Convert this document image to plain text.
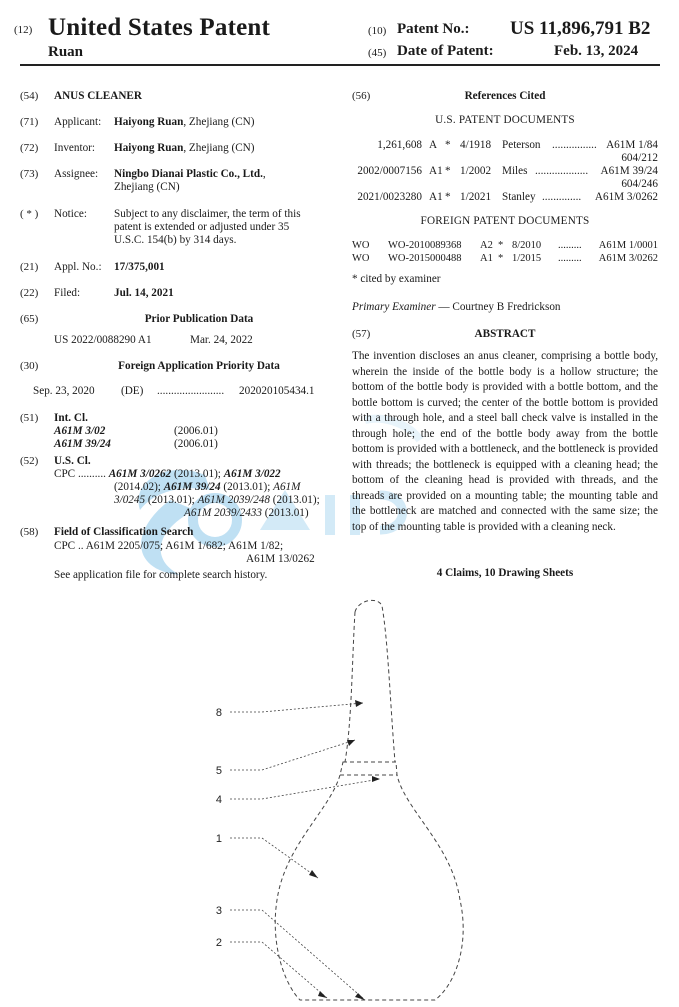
(12) United States Patent
Ruan
(10) Patent No.: US 11,896,791 B2
(45) Date of Patent:	Feb. 13, 2024
(54) ANUS CLEANER
(71) Applicant: Haiyong Ruan, Zhejiang (CN)
(72) Inventor: Haiyong Ruan, Zhejiang (CN)
(73) Assignee: Ningbo Dianai Plastic Co., Ltd.,
Zhejiang (CN)
( * ) Notice: Subject to any disclaimer, the term of this
patent is extended or adjusted under 35
U.S.C. 154(b) by 314 days.
(21) Appl. No.: 17/375,001
(22) Filed:	Jul. 14, 2021
(65)	Prior Publication Data
US 2022/0088290 A1	Mar. 24, 2022
(30)	Foreign Application Priority Data
Sep. 23, 2020 (DE) ........................ 202020105434.1
(51) Int. Cl.
A61M 3/02	(2006.01)
A61M 39/24	(2006.01)
(52) U.S. Cl.
CPC .......... A61M 3/0262 (2013.01); A61M 3/022
(2014.02); A61M 39/24 (2013.01); A61M
3/0245 (2013.01); A61M 2039/248 (2013.01);
A61M 2039/2433 (2013.01)
(58) Field of Classification Search
CPC .. A61M 2205/075; A61M 1/682; A61M 1/82;
A61M 13/0262
See application file for complete search history.
(56)	References Cited
U.S. PATENT DOCUMENTS
1,261,608 A * 4/1918 Peterson ................ A61M 1/84
604/212
2002/0007156 A1 * 1/2002 Miles ................... A61M 39/24
604/246
2021/0023280 A1 * 1/2021 Stanley .............. A61M 3/0262
FOREIGN PATENT DOCUMENTS
WO WO-2010089368 A2 * 8/2010 ......... A61M 1/0001
WO WO-2015000488 A1 * 1/2015 ......... A61M 3/0262
* cited by examiner
Primary Examiner — Courtney B Fredrickson
(57)	ABSTRACT
The invention discloses an anus cleaner, comprising a bottle body, wherein the inside of the bottle body is a hollow structure; the bottom of the bottle body is provided with a bottle bottom, and the bottle bottom is curved; the center of the bottle bottom is provided with a through hole, and a steel ball check valve is installed in the through hole; the end of the bottle body away from the bottle bottom is provided with a bottleneck, and the bottleneck is provided with threads; the bottleneck is equipped with a cleaning head; the bottom of the cleaning head is provided with threads, and the threads are provided on a mounting table; the mounting table and the bottleneck are matched and connected with the same size; the top of the mounting table is provided with a cleaning neck.
4 Claims, 10 Drawing Sheets
8
5
4
1
3
2
